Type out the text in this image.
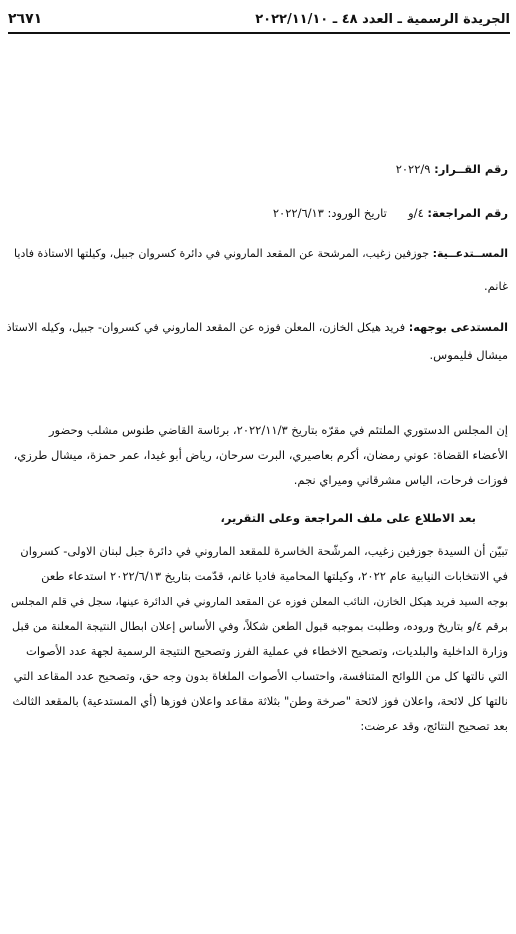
الجريدة الرسمية ـ العدد ٤٨ ـ ٢٠٢٢/١١/١٠
٢٦٧١
رقم القــرار: ٢٠٢٢/٩
رقم المراجعة: ٤/و  تاريخ الورود: ٢٠٢٢/٦/١٣
المســتدعــية: جوزفين زغيب، المرشحة عن المقعد الماروني في دائرة كسروان جبيل، وكيلتها الاستاذة فاديا
غانم.
المستدعى بوجهه: فريد هيكل الخازن، المعلن فوزه عن المقعد الماروني في كسروان- جبيل، وكيله الاستاذ
ميشال فليموس.
إن المجلس الدستوري الملتئم في مقرّه بتاريخ ٢٠٢٢/١١/٣، برئاسة القاضي طنوس مشلب وحضور
الأعضاء القضاة: عوني رمضان، أكرم بعاصيري، البرت سرحان، رياض أبو غيدا، عمر حمزة، ميشال طرزي،
فوزات فرحات، الياس مشرقاني وميراي نجم.
بعد الاطلاع على ملف المراجعة وعلى التقرير،
تبيّن أن السيدة جوزفين زغيب، المرشّحة الخاسرة للمقعد الماروني في دائرة جبل لبنان الاولى- كسروان
في الانتخابات النيابية عام ٢٠٢٢، وكيلتها المحامية فاديا غانم، قدّمت بتاريخ ٢٠٢٢/٦/١٣ استدعاء طعن
بوجه السيد فريد هيكل الخازن، النائب المعلن فوزه عن المقعد الماروني في الدائرة عينها، سجل في قلم المجلس
برقم ٤/و بتاريخ وروده، وطلبت بموجبه قبول الطعن شكلاً، وفي الأساس إعلان ابطال النتيجة المعلنة من قبل
وزارة الداخلية والبلديات، وتصحيح الاخطاء في عملية الفرز وتصحيح النتيجة الرسمية لجهة عدد الأصوات
التي نالتها كل من اللوائح المتنافسة، واحتساب الأصوات الملغاة بدون وجه حق، وتصحيح عدد المقاعد التي
نالتها كل لائحة، واعلان فوز لائحة "صرخة وطن" بثلاثة مقاعد واعلان فوزها (أي المستدعية) بالمقعد الثالث
بعد تصحيح النتائج، وقد عرضت:
